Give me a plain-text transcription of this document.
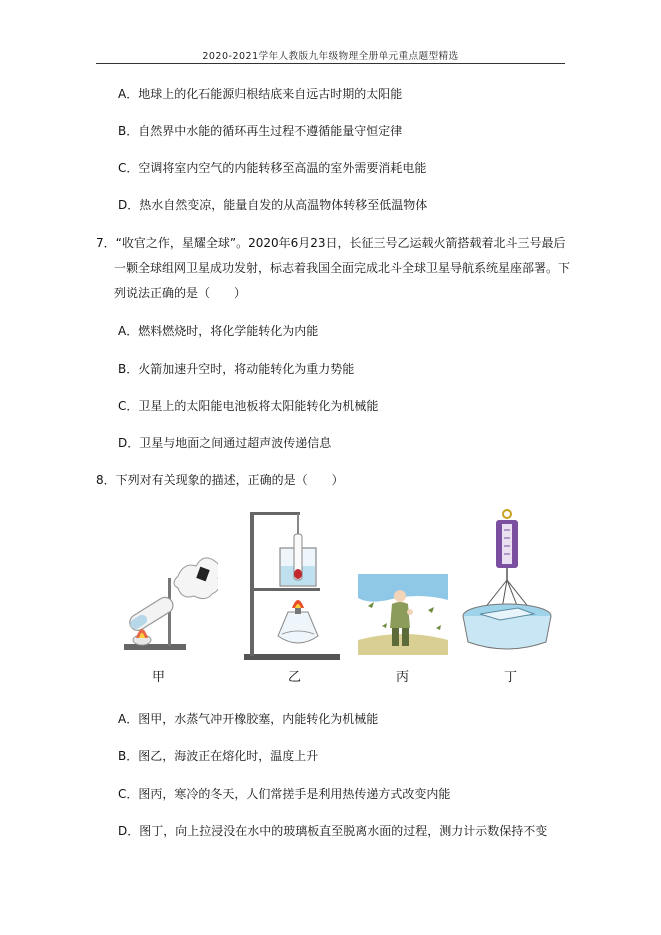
2020-2021学年人教版九年级物理全册单元重点题型精选
A．地球上的化石能源归根结底来自远古时期的太阳能
B．自然界中水能的循环再生过程不遵循能量守恒定律
C．空调将室内空气的内能转移至高温的室外需要消耗电能
D．热水自然变凉，能量自发的从高温物体转移至低温物体
7．“收官之作，星耀全球”。2020年6月23日，长征三号乙运载火箭搭载着北斗三号最后
一颗全球组网卫星成功发射，标志着我国全面完成北斗全球卫星导航系统星座部署。下
列说法正确的是（　　）
A．燃料燃烧时，将化学能转化为内能
B．火箭加速升空时，将动能转化为重力势能
C．卫星上的太阳能电池板将太阳能转化为机械能
D．卫星与地面之间通过超声波传递信息
8．下列对有关现象的描述，正确的是（　　）
甲	乙	丙	丁
A．图甲，水蒸气冲开橡胶塞，内能转化为机械能
B．图乙，海波正在熔化时，温度上升
C．图丙，寒冷的冬天，人们常搓手是利用热传递方式改变内能
D．图丁，向上拉浸没在水中的玻璃板直至脱离水面的过程，测力计示数保持不变
